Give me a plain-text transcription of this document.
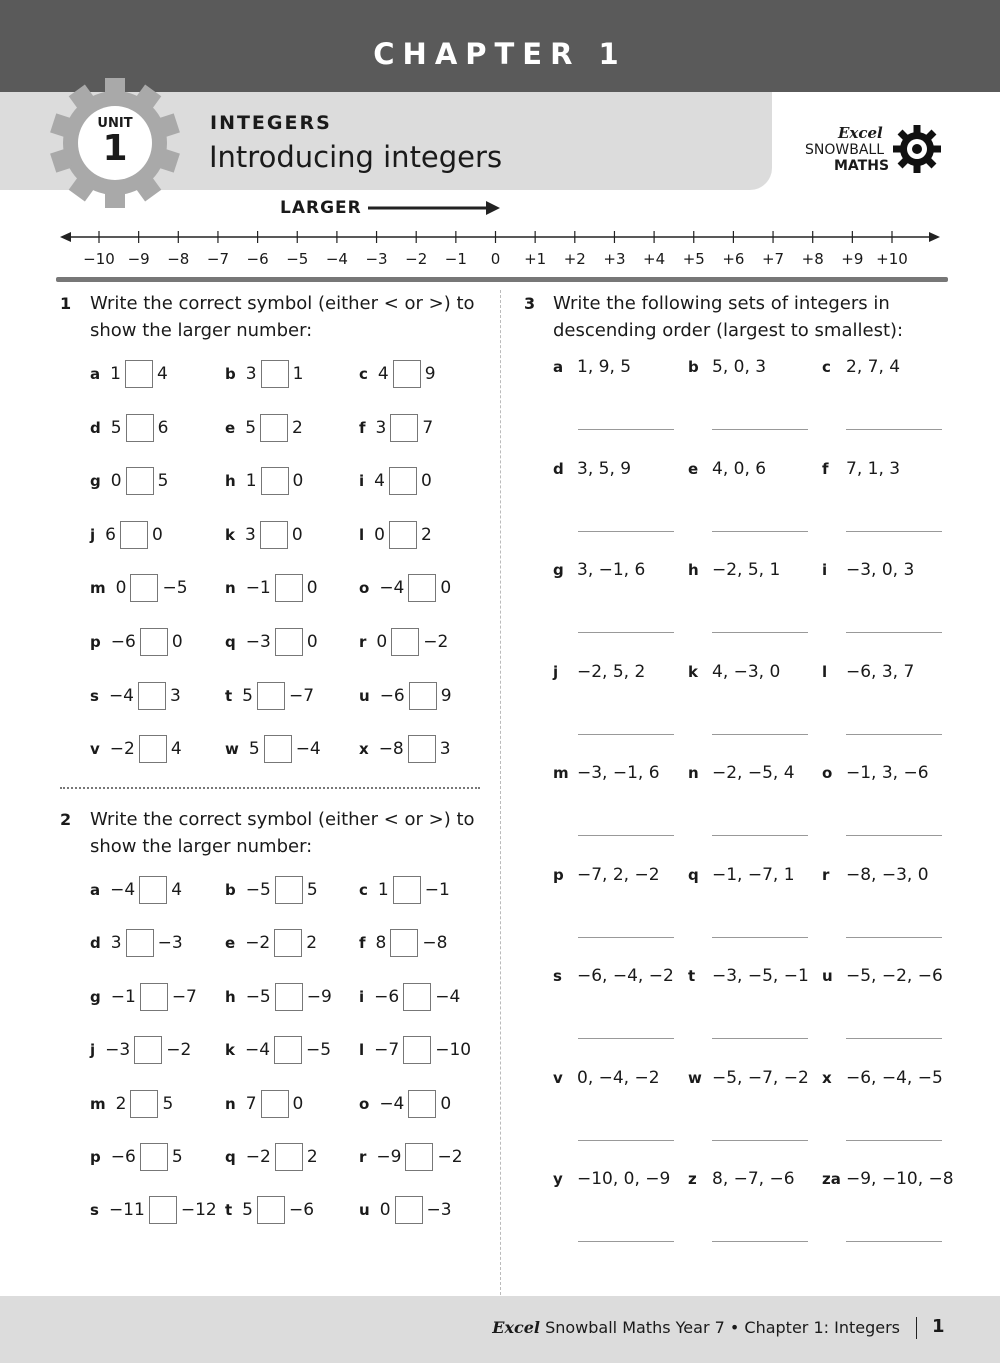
CHAPTER 1
UNIT
1
INTEGERS
Introducing integers
Excel
SNOWBALL
MATHS
LARGER
−10 −9 −8 −7 −6 −5 −4 −3 −2 −1 0 +1 +2 +3 +4 +5 +6 +7 +8 +9 +10
1 Write the correct symbol (either < or >) to show the larger number:
a 1 4	b 3 1	c 4 9
d 5 6	e 5 2	f 3 7
g 0 5	h 1 0	i 4 0
j 6 0	k 3 0	l 0 2
m 0 −5 n −1 0	o −4 0
p −6 0	q −3 0	r 0 −2
s −4 3	t 5 −7	u −6 9
v −2 4	w 5 −4	x −8 3
2 Write the correct symbol (either < or >) to show the larger number:
a −4 4	b −5 5	c 1 −1
d 3 −3	e −2 2	f 8 −8
g −1 −7 h −5 −9 i −6 −4
j −3 −2 k −4 −5 l −7 −10
m 2 5	n 7 0	o −4 0
p −6 5	q −2 2	r −9 −2
s −11 −12 t 5 −6	u 0 −3
3 Write the following sets of integers in descending order (largest to smallest):
a 1, 9, 5	b 5, 0, 3	c 2, 7, 4
d 3, 5, 9	e 4, 0, 6	f 7, 1, 3
g 3, −1, 6	h −2, 5, 1	i −3, 0, 3
j −2, 5, 2	k 4, −3, 0	l −6, 3, 7
m −3, −1, 6 n −2, −5, 4 o −1, 3, −6
p −7, 2, −2 q −1, −7, 1 r −8, −3, 0
s −6, −4, −2 t −3, −5, −1 u −5, −2, −6
v 0, −4, −2 w −5, −7, −2 x −6, −4, −5
y −10, 0, −9 z 8, −7, −6 za −9, −10, −8
Excel Snowball Maths Year 7 • Chapter 1: Integers 1
